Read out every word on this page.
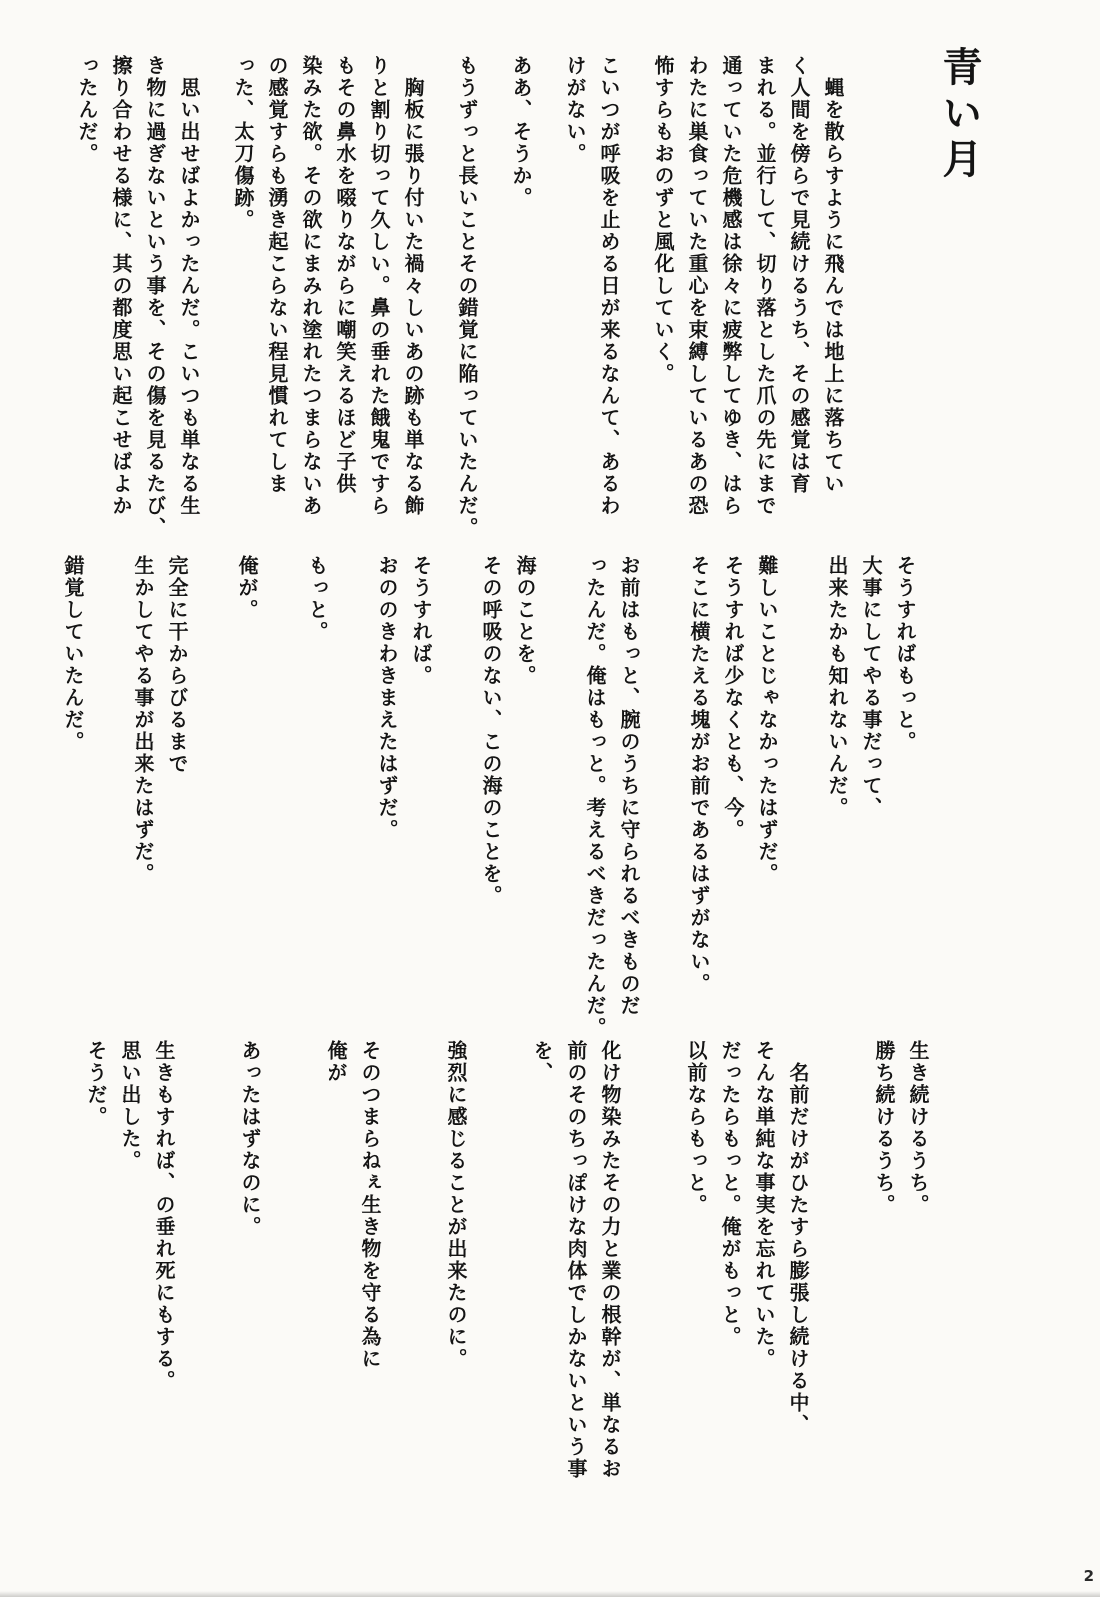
青い月
蝿を散らすように飛んでは地上に落ちてい
く人間を傍らで見続けるうち、その感覚は育
まれる。並行して、切り落とした爪の先にまで
通っていた危機感は徐々に疲弊してゆき、はら
わたに巣食っていた重心を束縛しているあの恐
怖すらもおのずと風化していく。
こいつが呼吸を止める日が来るなんて、あるわ
けがない。
ああ、そうか。
もうずっと長いことその錯覚に陥っていたんだ。
胸板に張り付いた禍々しいあの跡も単なる飾
りと割り切って久しい。鼻の垂れた餓鬼ですら
もその鼻水を啜りながらに嘲笑えるほど子供
染みた欲。その欲にまみれ塗れたつまらないあ
の感覚すらも湧き起こらない程見慣れてしま
った、太刀傷跡。
思い出せばよかったんだ。こいつも単なる生
き物に過ぎないという事を、その傷を見るたび、
擦り合わせる様に、其の都度思い起こせばよか
ったんだ。
そうすればもっと。
大事にしてやる事だって、
出来たかも知れないんだ。
難しいことじゃなかったはずだ。
そうすれば少なくとも、今。
そこに横たえる塊がお前であるはずがない。
お前はもっと、腕のうちに守られるべきものだ
ったんだ。俺はもっと。考えるべきだったんだ。
海のことを。
その呼吸のない、この海のことを。
そうすれば。
おののきわきまえたはずだ。
もっと。
俺が。
完全に干からびるまで
生かしてやる事が出来たはずだ。
錯覚していたんだ。
生き続けるうち。
勝ち続けるうち。
名前だけがひたすら膨張し続ける中、
そんな単純な事実を忘れていた。
だったらもっと。俺がもっと。
以前ならもっと。
化け物染みたその力と業の根幹が、単なるお
前のそのちっぽけな肉体でしかないという事
を、
強烈に感じることが出来たのに。
そのつまらねぇ生き物を守る為に
俺が
あったはずなのに。
生きもすれば、の垂れ死にもする。
思い出した。
そうだ。
2
